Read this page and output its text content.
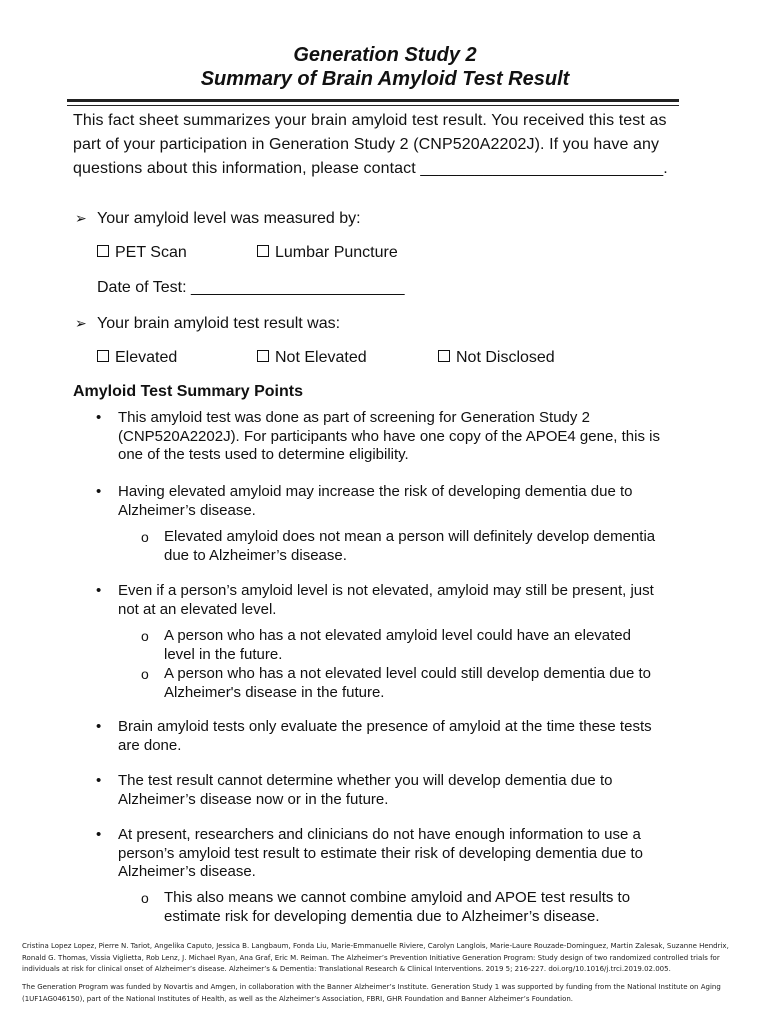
Generation Study 2
Summary of Brain Amyloid Test Result
This fact sheet summarizes your brain amyloid test result. You received this test as
part of your participation in Generation Study 2 (CNP520A2202J). If you have any
questions about this information, please contact ___________________________.
➢ Your amyloid level was measured by:
PET Scan	Lumbar Puncture
Date of Test: ________________________
➢ Your brain amyloid test result was:
Elevated	Not Elevated	Not Disclosed
Amyloid Test Summary Points
• This amyloid test was done as part of screening for Generation Study 2
(CNP520A2202J). For participants who have one copy of the APOE4 gene, this is
one of the tests used to determine eligibility.
• Having elevated amyloid may increase the risk of developing dementia due to
Alzheimer’s disease.
o Elevated amyloid does not mean a person will definitely develop dementia
due to Alzheimer’s disease.
• Even if a person’s amyloid level is not elevated, amyloid may still be present, just
not at an elevated level.
o A person who has a not elevated amyloid level could have an elevated
level in the future.
o A person who has a not elevated level could still develop dementia due to
Alzheimer's disease in the future.
• Brain amyloid tests only evaluate the presence of amyloid at the time these tests
are done.
• The test result cannot determine whether you will develop dementia due to
Alzheimer’s disease now or in the future.
• At present, researchers and clinicians do not have enough information to use a
person’s amyloid test result to estimate their risk of developing dementia due to
Alzheimer’s disease.
o This also means we cannot combine amyloid and APOE test results to
estimate risk for developing dementia due to Alzheimer’s disease.
Cristina Lopez Lopez, Pierre N. Tariot, Angelika Caputo, Jessica B. Langbaum, Fonda Liu, Marie-Emmanuelle Riviere, Carolyn Langlois, Marie-Laure Rouzade-Dominguez, Martin Zalesak, Suzanne Hendrix,
Ronald G. Thomas, Vissia Viglietta, Rob Lenz, J. Michael Ryan, Ana Graf, Eric M. Reiman. The Alzheimer’s Prevention Initiative Generation Program: Study design of two randomized controlled trials for
individuals at risk for clinical onset of Alzheimer’s disease. Alzheimer’s & Dementia: Translational Research & Clinical Interventions. 2019 5; 216-227. doi.org/10.1016/j.trci.2019.02.005.
The Generation Program was funded by Novartis and Amgen, in collaboration with the Banner Alzheimer’s Institute. Generation Study 1 was supported by funding from the National Institute on Aging
(1UF1AG046150), part of the National Institutes of Health, as well as the Alzheimer’s Association, FBRI, GHR Foundation and Banner Alzheimer’s Foundation.
